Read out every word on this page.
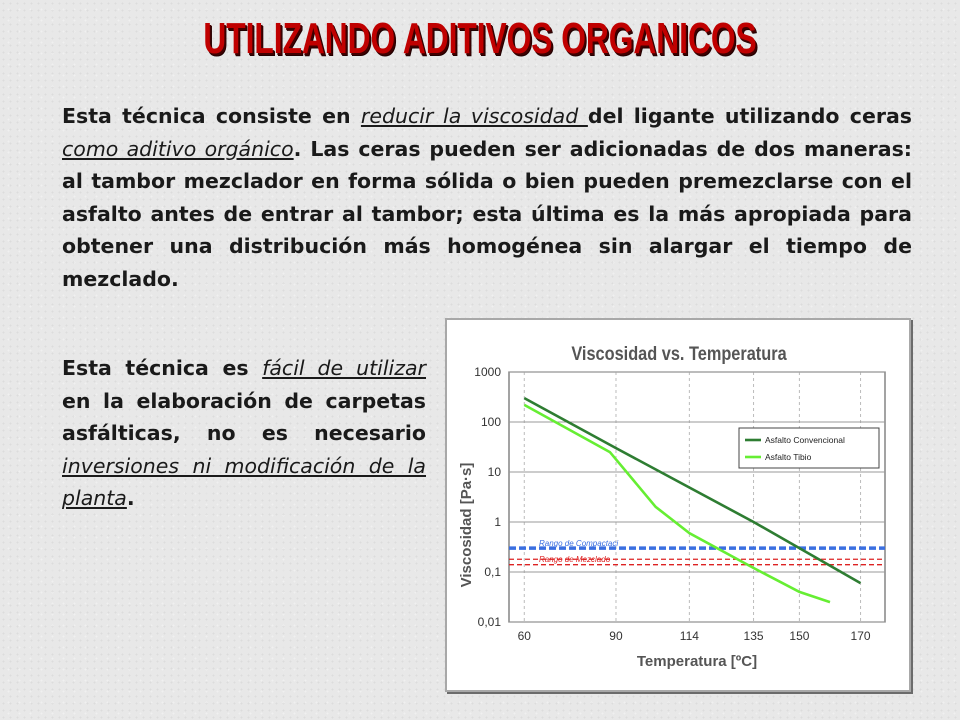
UTILIZANDO ADITIVOS ORGANICOS
Esta técnica consiste en reducir la viscosidad del ligante utilizando ceras como aditivo orgánico. Las ceras pueden ser adicionadas de dos maneras: al tambor mezclador en forma sólida o bien pueden premezclarse con el asfalto antes de entrar al tambor; esta última es la más apropiada para obtener una distribución más homogénea sin alargar el tiempo de mezclado.
Esta técnica es fácil de utilizar en la elaboración de carpetas asfálticas, no es necesario inversiones ni modificación de la planta.
Viscosidad vs. Temperatura
Rango de Compactaci
Rango de Mezclado
60	90	114	135 150	170
1000
100
10
1
0,1
0,01
Asfalto Convencional
Asfalto Tibio
Temperatura [ºC]
Viscosidad [Pa·s]
